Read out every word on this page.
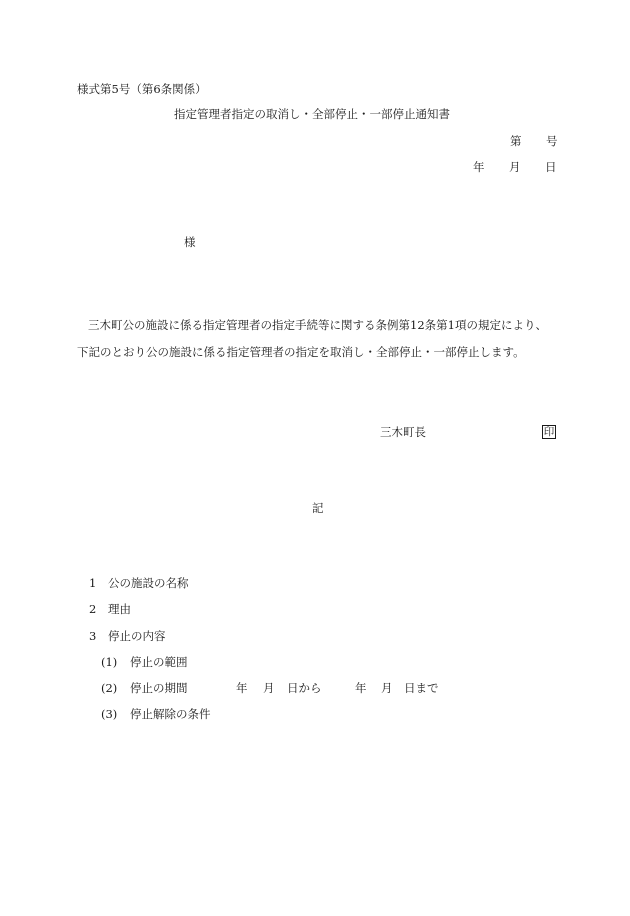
様式第5号（第6条関係）
指定管理者指定の取消し・全部停止・一部停止通知書
第 号
年 月 日
様
三木町公の施設に係る指定管理者の指定手続等に関する条例第12条第1項の規定により、
下記のとおり公の施設に係る指定管理者の指定を取消し・全部停止・一部停止します。
三木町長	印
記
1	公の施設の名称
2	理由
3	停止の内容
(1)	停止の範囲
(2)	停止の期間
(3)	停止解除の条件
年 月 日から	年 月 日まで
